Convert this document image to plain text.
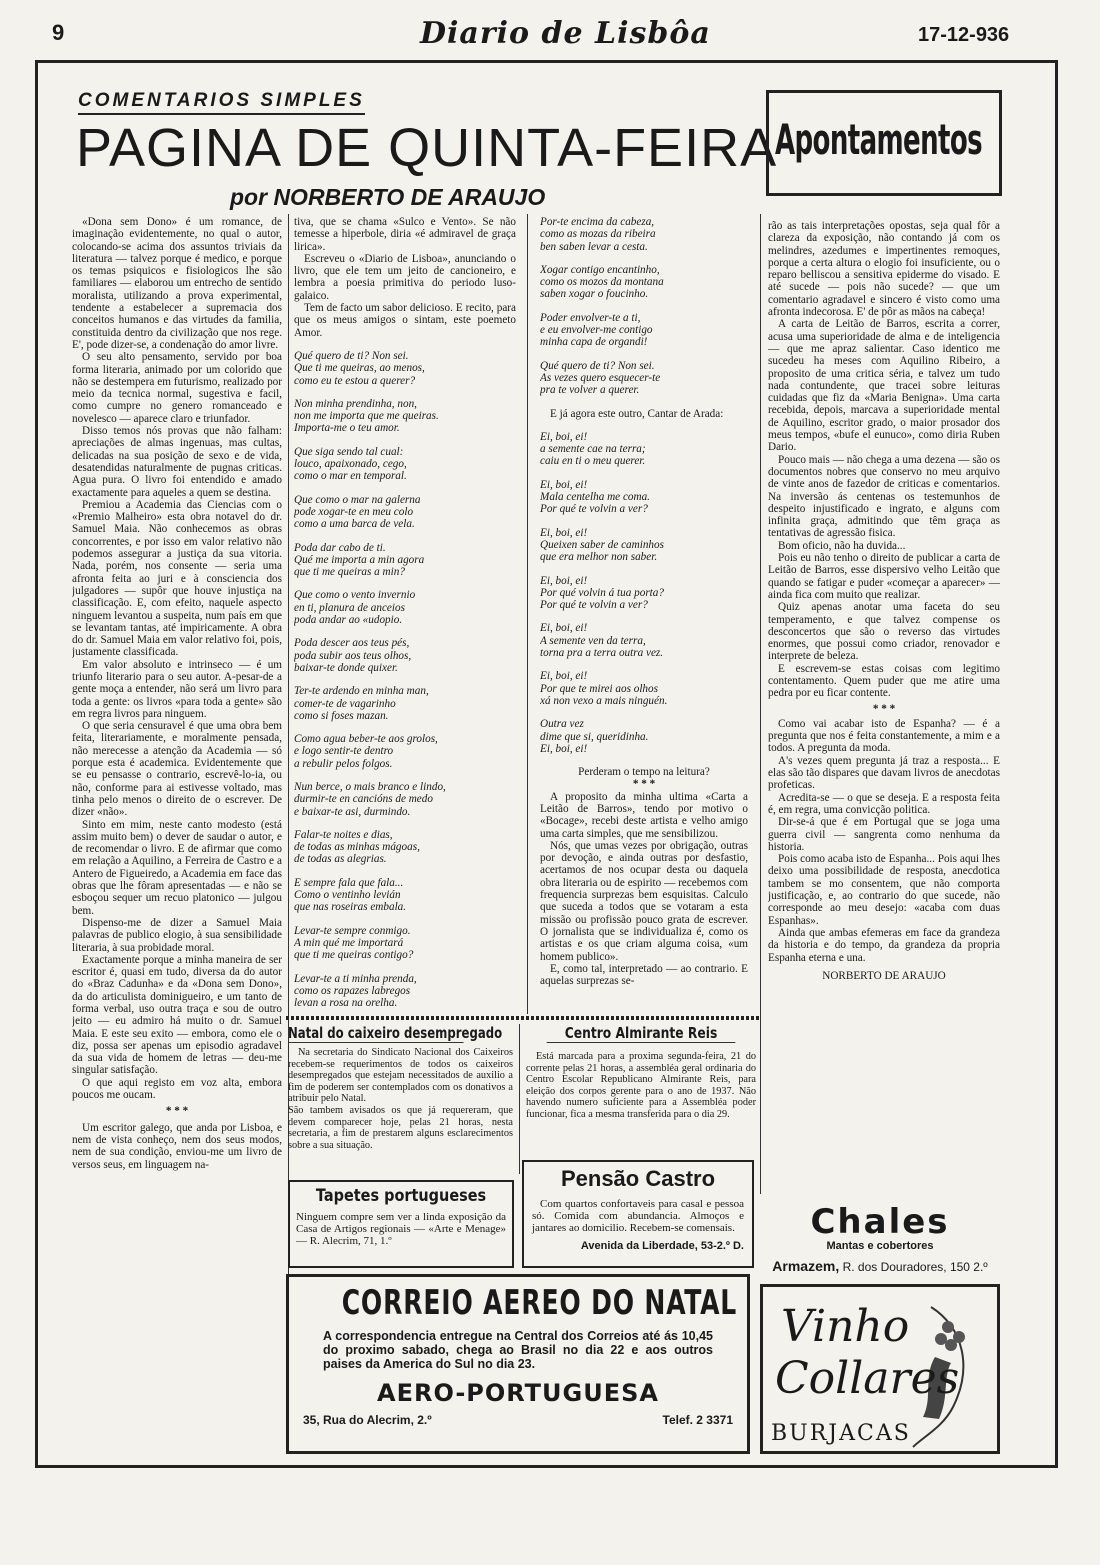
9	Diario de Lisbôa	17-12-936
COMENTARIOS SIMPLES
PAGINA DE QUINTA-FEIRA
por NORBERTO DE ARAUJO
Apontamentos

«Dona sem Dono» é um romance, de imaginação evidentemente, no qual o autor, colocando-se acima dos assuntos triviais da literatura — talvez porque é medico, e porque os temas psiquicos e fisiologicos lhe são familiares — elaborou um entrecho de sentido moralista, utilizando a prova experimental, tendente a estabelecer a supremacia dos conceitos humanos e das virtudes da familia, constituida dentro da civilização que nos rege. E', pode dizer-se, a condenação do amor livre.

O seu alto pensamento, servido por boa forma literaria, animado por um colorido que não se destempera em futurismo, realizado por meio da tecnica normal, sugestiva e facil, como cumpre no genero romanceado e novelesco — aparece claro e triunfador.

Disso temos nós provas que não falham: apreciações de almas ingenuas, mas cultas, delicadas na sua posição de sexo e de vida, desatendidas naturalmente de pugnas criticas. Agua pura. O livro foi entendido e amado exactamente para aqueles a quem se destina.

Premiou a Academia das Ciencias com o «Premio Malheiro» esta obra notavel do dr. Samuel Maia. Não conhecemos as obras concorrentes, e por isso em valor relativo não podemos assegurar a justiça da sua vitoria. Nada, porém, nos consente — seria uma afronta feita ao juri e à consciencia dos julgadores — supôr que houve injustiça na classificação. E, com efeito, naquele aspecto ninguem levantou a suspeita, num país em que se levantam tantas, até impiricamente. A obra do dr. Samuel Maia em valor relativo foi, pois, justamente classificada.

Em valor absoluto e intrinseco — é um triunfo literario para o seu autor. A-pesar-de a gente moça a entender, não será um livro para toda a gente: os livros «para toda a gente» são em regra livros para ninguem.

O que seria censuravel é que uma obra bem feita, literariamente, e moralmente pensada, não merecesse a atenção da Academia — só porque esta é academica. Evidentemente que se eu pensasse o contrario, escrevê-lo-ia, ou não, conforme para ai estivesse voltado, mas tinha pelo menos o direito de o escrever. De dizer «não».

Sinto em mim, neste canto modesto (está assim muito bem) o dever de saudar o autor, e de recomendar o livro. E de afirmar que como em relação a Aquilino, a Ferreira de Castro e a Antero de Figueiredo, a Academia em face das obras que lhe fôram apresentadas — e não se esboçou sequer um recuo platonico — julgou bem.

Dispenso-me de dizer a Samuel Maia palavras de publico elogio, à sua sensibilidade literaria, à sua probidade moral.

Exactamente porque a minha maneira de ser escritor é, quasi em tudo, diversa da do autor do «Braz Cadunha» e da «Dona sem Dono», da do articulista dominigueiro, e um tanto de forma verbal, uso outra traça e sou de outro jeito — eu admiro há muito o dr. Samuel Maia. E este seu exito — embora, como ele o diz, possa ser apenas um episodio agradavel da sua vida de homem de letras — deu-me singular satisfação.

O que aqui registo em voz alta, embora poucos me oucam.

* * *

Um escritor galego, que anda por Lisboa, e nem de vista conheço, nem dos seus modos, nem de sua condição, enviou-me um livro de versos seus, em linguagem na-

tiva, que se chama «Sulco e Vento». Se não temesse a hiperbole, diria «é admiravel de graça lirica».

Escreveu o «Diario de Lisboa», anunciando o livro, que ele tem um jeito de cancioneiro, e lembra a poesia primitiva do periodo luso-galaico.

Tem de facto um sabor delicioso. E recito, para que os meus amigos o sintam, este poemeto Amor.

Qué quero de ti? Non sei.
Que ti me queiras, ao menos,
como eu te estou a querer?

Non minha prendinha, non,
non me importa que me queiras.
Importa-me o teu amor.

Que siga sendo tal cual:
louco, apaixonado, cego,
como o mar en temporal.

Que como o mar na galerna
pode xogar-te en meu colo
como a uma barca de vela.

Poda dar cabo de ti.
Qué me importa a min agora
que ti me queiras a min?

Que como o vento invernio
en ti, planura de anceios
poda andar ao «udopio.

Poda descer aos teus pés,
poda subir aos teus olhos,
baixar-te donde quixer.

Ter-te ardendo en minha man,
comer-te de vagarinho
como si foses mazan.

Como agua beber-te aos grolos,
e logo sentir-te dentro
a rebulir pelos folgos.

Nun berce, o mais branco e lindo,
durmir-te en cancións de medo
e baixar-te asi, durmindo.

Falar-te noites e dias,
de todas as minhas mágoas,
de todas as alegrias.

E sempre fala que fala...
Como o ventinho levián
que nas roseiras embala.

Levar-te sempre conmigo.
A min qué me importará
que ti me queiras contigo?

Levar-te a ti minha prenda,
como os rapazes labregos
levan a rosa na orelha.

Por-te encima da cabeza,
como as mozas da ribeira
ben saben levar a cesta.

Xogar contigo encantinho,
como os mozos da montana
saben xogar o foucinho.

Poder envolver-te a ti,
e eu envolver-me contigo
minha capa de organdi!

Qué quero de ti? Non sei.
As vezes quero esquecer-te
pra te volver a querer.

E já agora este outro, Cantar de Arada:

Ei, boi, ei!
a semente cae na terra;
caiu en ti o meu querer.

Ei, boi, ei!
Mala centelha me coma.
Por qué te volvin a ver?

Ei, boi, ei!
Queixen saber de caminhos
que era melhor non saber.

Ei, boi, ei!
Por qué volvin á tua porta?
Por qué te volvin a ver?

Ei, boi, ei!
A semente ven da terra,
torna pra a terra outra vez.

Ei, boi, ei!
Por que te mirei aos olhos
xá non vexo a mais ninguén.

Outra vez
dime que si, queridinha.
Ei, boi, ei!

Perderam o tempo na leitura?

* * *

A proposito da minha ultima «Carta a Leitão de Barros», tendo por motivo o «Bocage», recebi deste artista e velho amigo uma carta simples, que me sensibilizou.

Nós, que umas vezes por obrigação, outras por devoção, e ainda outras por desfastio, acertamos de nos ocupar desta ou daquela obra literaria ou de espirito — recebemos com frequencia surprezas bem esquisitas. Calculo que suceda a todos que se votaram a esta missão ou profissão pouco grata de escrever. O jornalista que se individualiza é, como os artistas e os que criam alguma coisa, «um homem publico».

E, como tal, interpretado — ao contrario. E aquelas surprezas se-

rão as tais interpretações opostas, seja qual fôr a clareza da exposição, não contando já com os melindres, azedumes e impertinentes remoques, porque a certa altura o elogio foi insuficiente, ou o reparo belliscou a sensitiva epiderme do visado. E até sucede — pois não sucede? — que um comentario agradavel e sincero é visto como uma afronta indecorosa. E' de pôr as mãos na cabeça!

A carta de Leitão de Barros, escrita a correr, acusa uma superioridade de alma e de inteligencia — que me apraz salientar. Caso identico me sucedeu ha meses com Aquilino Ribeiro, a proposito de uma critica séria, e talvez um tudo nada contundente, que tracei sobre leituras cuidadas que fiz da «Maria Benigna». Uma carta recebida, depois, marcava a superioridade mental de Aquilino, escritor grado, o maior prosador dos meus tempos, «bufe el eunuco», como diria Ruben Dario.

Pouco mais — não chega a uma dezena — são os documentos nobres que conservo no meu arquivo de vinte anos de fazedor de criticas e comentarios. Na inversão ás centenas os testemunhos de despeito injustificado e ingrato, e alguns com infinita graça, admitindo que têm graça as tentativas de agressão fisica.

Bom oficio, não ha duvida...

Pois eu não tenho o direito de publicar a carta de Leitão de Barros, esse dispersivo velho Leitão que quando se fatigar e puder «começar a aparecer» — ainda fica com muito que realizar.

Quiz apenas anotar uma faceta do seu temperamento, e que talvez compense os desconcertos que são o reverso das virtudes enormes, que possui como criador, renovador e interprete de beleza.

E escrevem-se estas coisas com legitimo contentamento. Quem puder que me atire uma pedra por eu ficar contente.

* * *

Como vai acabar isto de Espanha? — é a pregunta que nos é feita constantemente, a mim e a todos. A pregunta da moda.

A's vezes quem pregunta já traz a resposta... E elas são tão dispares que davam livros de anecdotas profeticas.

Acredita-se — o que se deseja. E a resposta feita é, em regra, uma convicção politica.

Dir-se-á que é em Portugal que se joga uma guerra civil — sangrenta como nenhuma da historia.

Pois como acaba isto de Espanha... Pois aqui lhes deixo uma possibilidade de resposta, anecdotica tambem se mo consentem, que não comporta justificação, e, ao contrario do que sucede, não corresponde ao meu desejo: «acaba com duas Espanhas».

Ainda que ambas efemeras em face da grandeza da historia e do tempo, da grandeza da propria Espanha eterna e una.

NORBERTO DE ARAUJO

Natal do caixeiro desempregado
Na secretaria do Sindicato Nacional dos Caixeiros recebem-se requerimentos de todos os caixeiros desempregados que estejam necessitados de auxilio a fim de poderem ser contemplados com os donativos a atribuir pelo Natal.
São tambem avisados os que já requereram, que devem comparecer hoje, pelas 21 horas, nesta secretaria, a fim de prestarem alguns esclarecimentos sobre a sua situação.
Centro Almirante Reis
Está marcada para a proxima segunda-feira, 21 do corrente pelas 21 horas, a assembléa geral ordinaria do Centro Escolar Republicano Almirante Reis, para eleição dos corpos gerente para o ano de 1937. Não havendo numero suficiente para a Assembléa poder funcionar, fica a mesma transferida para o dia 29.
Tapetes portugueses
Ninguem compre sem ver a linda exposição da Casa de Artigos regionais — «Arte e Menage» — R. Alecrim, 71, 1.º
Pensão Castro
Com quartos confortaveis para casal e pessoa só. Comida com abundancia. Almoços e jantares ao domicilio. Recebem-se comensais.
Avenida da Liberdade, 53-2.º D.
Chales
Mantas e cobertores
Armazem, R. dos Douradores, 150 2.º
CORREIO AEREO DO NATAL
A correspondencia entregue na Central dos Correios até ás 10,45 do proximo sabado, chega ao Brasil no dia 22 e aos outros paises da America do Sul no dia 23.
AERO-PORTUGUESA
35, Rua do Alecrim, 2.º	Telef. 2 3371
Vinho
Collares
BURJACAS
